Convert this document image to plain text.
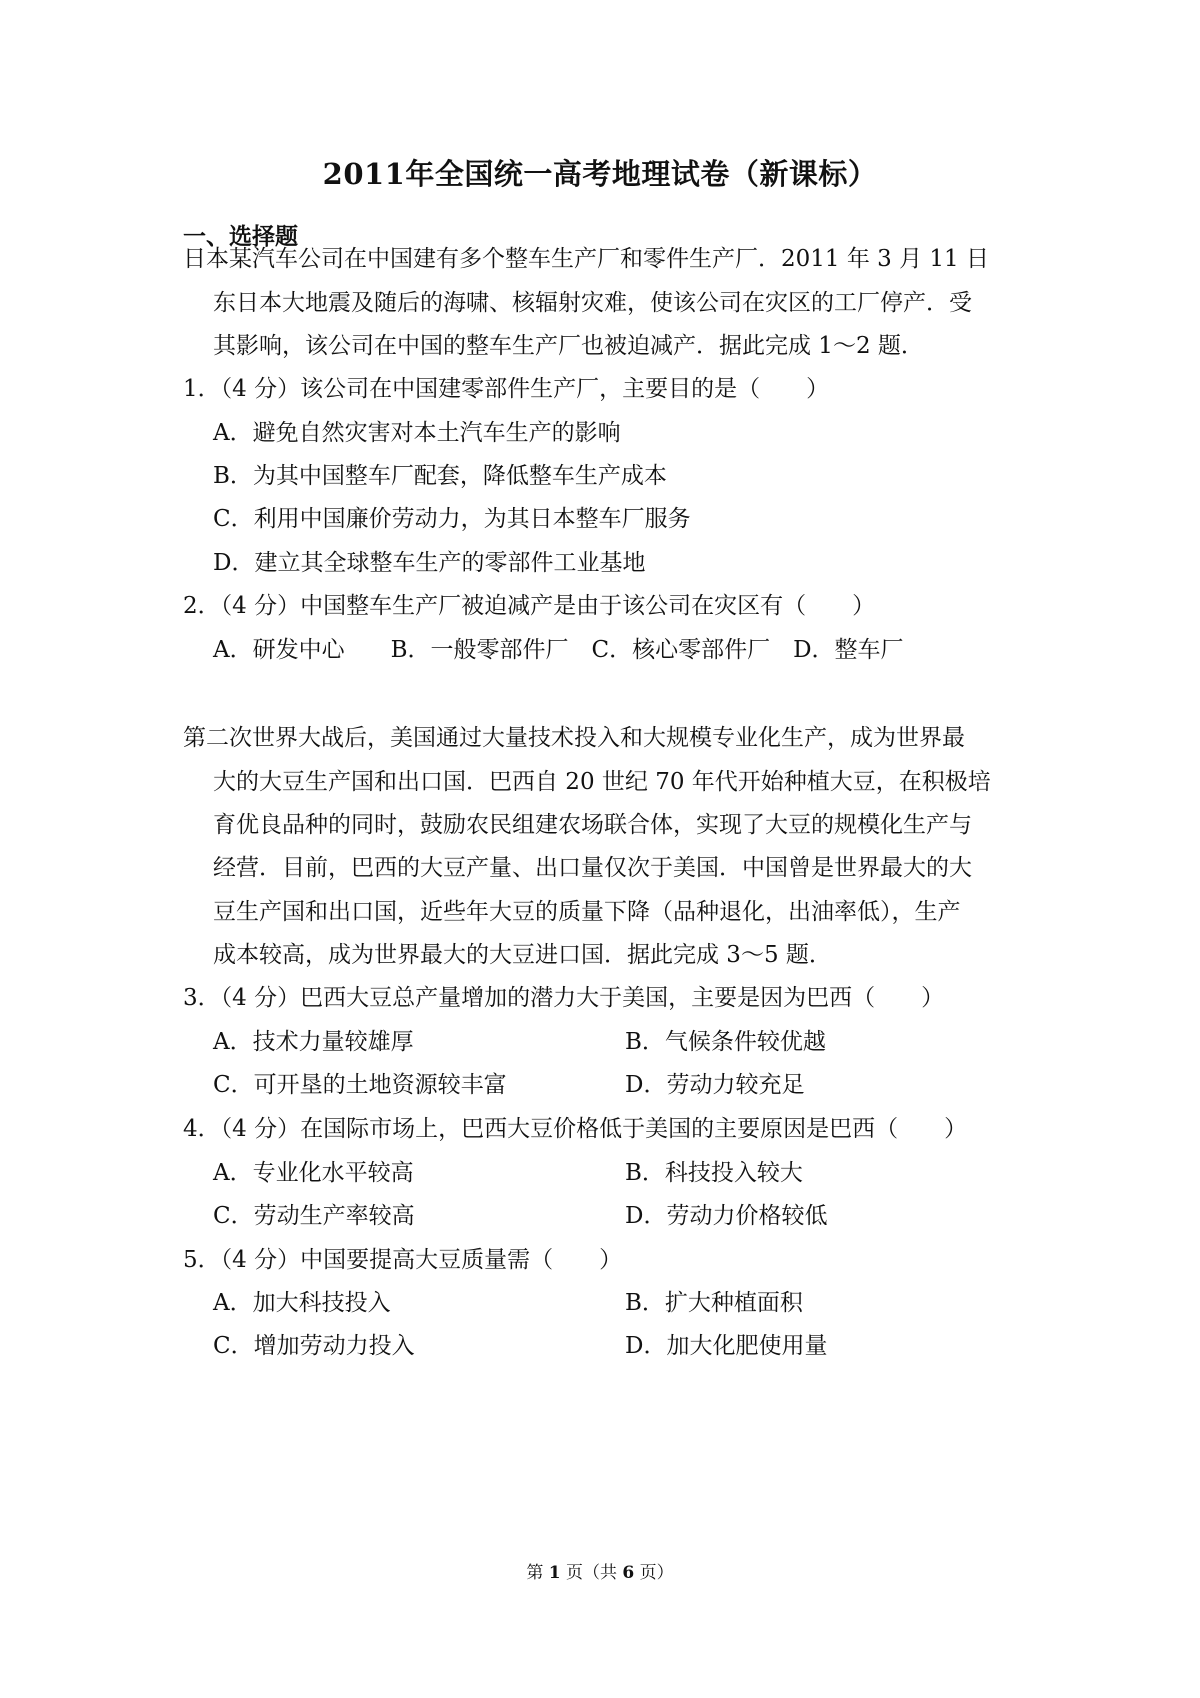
2011年全国统一高考地理试卷（新课标）
一、选择题
日本某汽车公司在中国建有多个整车生产厂和零件生产厂．2011 年 3 月 11 日
东日本大地震及随后的海啸、核辐射灾难，使该公司在灾区的工厂停产．受
其影响，该公司在中国的整车生产厂也被迫减产．据此完成 1～2 题．
1．（4 分）该公司在中国建零部件生产厂，主要目的是（　　）
A．避免自然灾害对本土汽车生产的影响
B．为其中国整车厂配套，降低整车生产成本
C．利用中国廉价劳动力，为其日本整车厂服务
D．建立其全球整车生产的零部件工业基地
2．（4 分）中国整车生产厂被迫减产是由于该公司在灾区有（　　）
A．研发中心　　B．一般零部件厂　C．核心零部件厂　D．整车厂
第二次世界大战后，美国通过大量技术投入和大规模专业化生产，成为世界最
大的大豆生产国和出口国．巴西自 20 世纪 70 年代开始种植大豆，在积极培
育优良品种的同时，鼓励农民组建农场联合体，实现了大豆的规模化生产与
经营．目前，巴西的大豆产量、出口量仅次于美国．中国曾是世界最大的大
豆生产国和出口国，近些年大豆的质量下降（品种退化，出油率低），生产
成本较高，成为世界最大的大豆进口国．据此完成 3～5 题．
3．（4 分）巴西大豆总产量增加的潜力大于美国，主要是因为巴西（　　）
A．技术力量较雄厚	B．气候条件较优越
C．可开垦的土地资源较丰富	D．劳动力较充足
4．（4 分）在国际市场上，巴西大豆价格低于美国的主要原因是巴西（　　）
A．专业化水平较高	B．科技投入较大
C．劳动生产率较高	D．劳动力价格较低
5．（4 分）中国要提高大豆质量需（　　）
A．加大科技投入	B．扩大种植面积
C．增加劳动力投入	D．加大化肥使用量
第 1 页（共 6 页）
